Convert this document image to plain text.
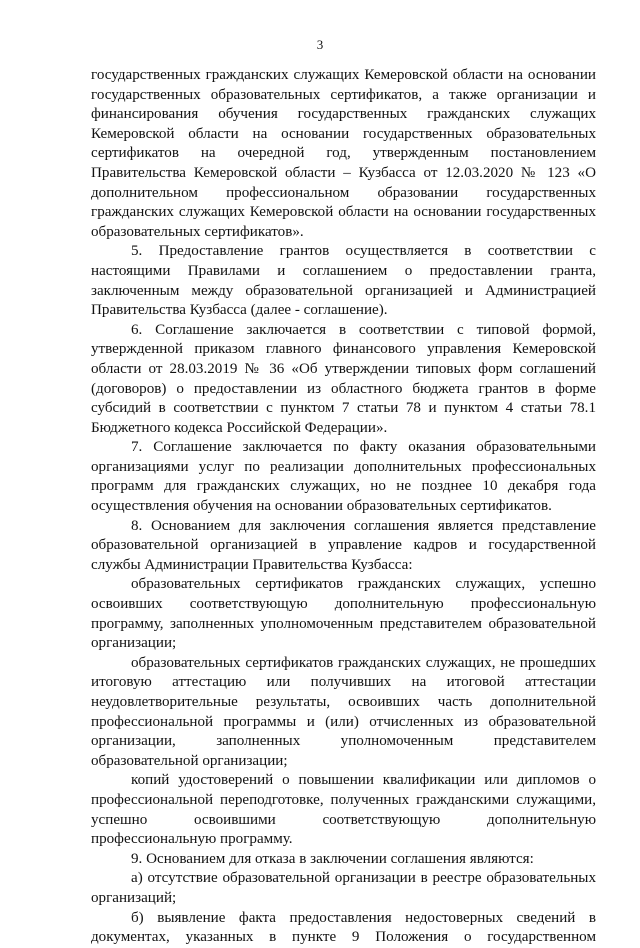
3

государственных гражданских служащих Кемеровской области на основании государственных образовательных сертификатов, а также организации и финансирования обучения государственных гражданских служащих Кемеровской области на основании государственных образовательных сертификатов на очередной год, утвержденным постановлением Правительства Кемеровской области – Кузбасса от 12.03.2020 № 123 «О дополнительном профессиональном образовании государственных гражданских служащих Кемеровской области на основании государственных образовательных сертификатов».

5. Предоставление грантов осуществляется в соответствии с настоящими Правилами и соглашением о предоставлении гранта, заключенным между образовательной организацией и Администрацией Правительства Кузбасса (далее - соглашение).

6. Соглашение заключается в соответствии с типовой формой, утвержденной приказом главного финансового управления Кемеровской области от 28.03.2019 № 36 «Об утверждении типовых форм соглашений (договоров) о предоставлении из областного бюджета грантов в форме субсидий в соответствии с пунктом 7 статьи 78 и пунктом 4 статьи 78.1 Бюджетного кодекса Российской Федерации».

7. Соглашение заключается по факту оказания образовательными организациями услуг по реализации дополнительных профессиональных программ для гражданских служащих, но не позднее 10 декабря года осуществления обучения на основании образовательных сертификатов.

8. Основанием для заключения соглашения является представление образовательной организацией в управление кадров и государственной службы Администрации Правительства Кузбасса:

образовательных сертификатов гражданских служащих, успешно освоивших соответствующую дополнительную профессиональную программу, заполненных уполномоченным представителем образовательной организации;

образовательных сертификатов гражданских служащих, не прошедших итоговую аттестацию или получивших на итоговой аттестации неудовлетворительные результаты, освоивших часть дополнительной профессиональной программы и (или) отчисленных из образовательной организации, заполненных уполномоченным представителем образовательной организации;

копий удостоверений о повышении квалификации или дипломов о профессиональной переподготовке, полученных гражданскими служащими, успешно освоившими соответствующую дополнительную профессиональную программу.

9. Основанием для отказа в заключении соглашения являются:

а) отсутствие образовательной организации в реестре образовательных организаций;

б) выявление факта предоставления недостоверных сведений в документах, указанных в пункте 9 Положения о государственном
